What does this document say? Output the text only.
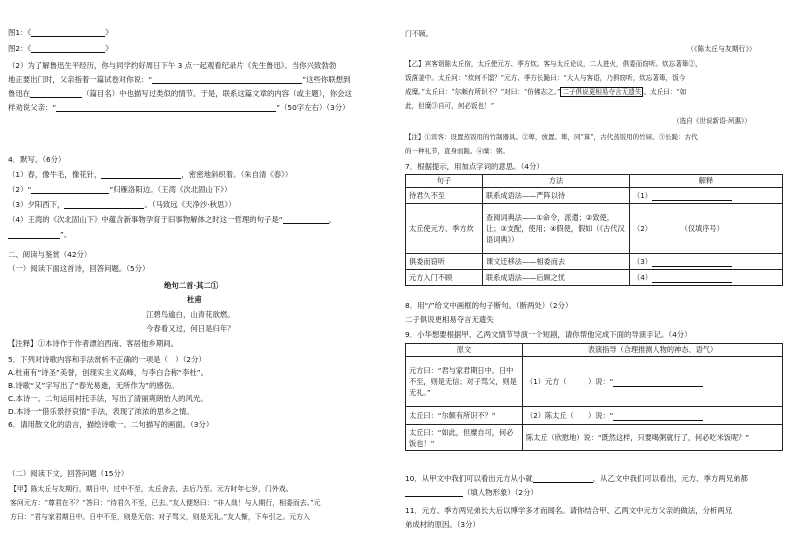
图1：《	》
图2：《	》
（2）为了解鲁迅生平经历，你与同学约好周日下午 3 点一起观看纪录片《先生鲁迅》。当你兴致勃勃
地正要出门时，父亲指着一篇试卷对你说：“	”这些你联想到
鲁迅在	（篇目名）中也描写过类似的情节。于是，联系这篇文章的内容（或主题），你会这
样劝说父亲：“	”（50字左右）（3分）
4．默写。（6分）
（1）春，像牛毛，像花针，	，密密地斜织着。（朱自清《春》）
（2）“	”归雁洛阳边。（王湾《次北固山下》）
（3）夕阳西下，	。（马致远《天净沙·秋思》）
（4）王湾的《次北固山下》中蕴含新事物孕育于旧事物解体之时这一哲理的句子是“	，
”。
二、阅读与鉴赏（42分）
（一）阅读下面这首诗，回答问题。（5分）
绝句二首·其二①
杜甫
江碧鸟逾白，山青花欲燃。
今春看又过，何日是归年？
【注释】①本诗作于作者漂泊西南、客居他乡期间。
5．下列对诗歌内容和手法赏析不正确的一项是（　）（2分）
A.杜甫有“诗圣”美誉，创现实主义高峰，与李白合称“李杜”。
B.诗歌“又”字写出了“春光易逝，无所作为”的感伤。
C.本诗一、二句运用衬托手法，写出了清丽爽朗怡人的风光。
D.本诗一“借乐景抒哀情”手法，表现了浓浓的思乡之情。
6．请用散文化的语言，描绘诗歌一、二句描写的画面。（3分）
（二）阅读下文，回答问题（15分）
【甲】陈太丘与友期行，期日中，过中不至，太丘舍去，去后乃至。元方时年七岁，门外戏。
客问元方：“尊君在不？”答曰：“待君久不至，已去。”友人便怒曰：“非人哉！与人期行，相委而去。”元
方曰：“君与家君期日中。日中不至，则是无信；对子骂父，则是无礼。”友人惭，下车引之。元方入
门不顾。
（《陈太丘与友期行》）
【乙】宾客诣陈太丘宿，太丘使元方、季方炊。客与太丘论议，二人进火，俱委而窃听。炊忘著箄②，
饭落釜中。太丘问：“炊何不馏？”元方、季方长跪曰：“大人与客语，乃俱窃听，炊忘著箄，饭今
成糜。”太丘曰：“尔颇有所识不？”对曰：“仿佛志之。” 二子俱说更相易夺言无遗失 。太丘曰：“如
此，但糜③自可，何必饭也！”
（选自《世说新语·夙惠》）
【注】①宾客：设置蒸饭用的竹制器具。②箄，放置。箄，同“算”，古代蒸饭用的竹屉。③长跪：古代
的一种礼节，直身而跪。④糜：粥。
7．根据提示，用加点字词的意思。（4分）
句子	方法	解释
待君久不至	联系成语法——严阵以待	（1）
太丘使元方、季方炊	查阅词典法——①命令，派遣；②致使，让；③支配，使用；④假使，假如（《古代汉语词典》）	（2）　　　　　（仅填序号）
俱委而窃听	课文迁移法——相委而去	（3）
元方入门不顾	联系成语法——后顾之忧	（4）
8．用“/”给文中画框的句子断句。（断两处）（2分）
二子俱说更相易夺言无遗失
9．小华想要根据甲、乙两文情节导演一个短剧，请你帮他完成下面的导演手记。（4分）
原文	表演指导（合理推测人物的神态、语气）
元方曰：“君与家君期日中。日中不至，则是无信；对子骂父，则是无礼。”	（1）元方（　　　）说：“
太丘曰：“尔颇有所识不？”	（2）陈太丘（　　）说：“
太丘曰：“如此，但糜自可，何必饭也！”	陈太丘（欣慰地）说：“既然这样，只要喝粥就行了，何必吃米饭呢？”
10．从甲文中我们可以看出元方从小就	，从乙文中我们可以看出，元方、季方两兄弟都
（填人物形象）（2分）
11．元方、季方两兄弟长大后以博学多才而闻名。请你结合甲、乙两文中元方父亲的做法，分析两兄
弟成材的原因。（3分）
